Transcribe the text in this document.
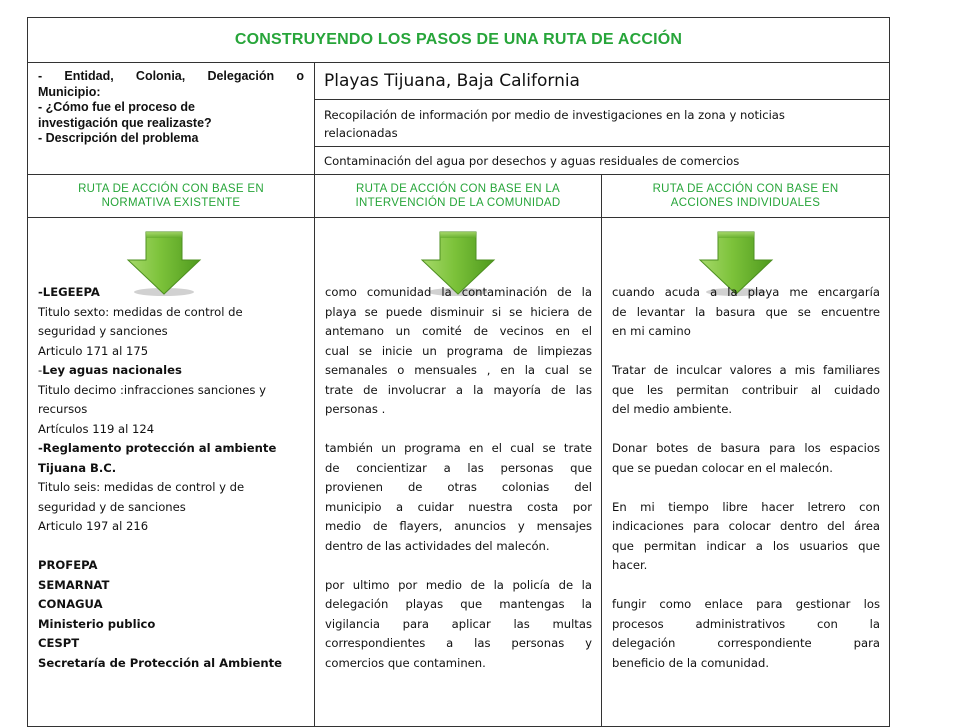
CONSTRUYENDO LOS PASOS DE UNA RUTA DE ACCIÓN
- Entidad, Colonia, Delegación o
Municipio:
- ¿Cómo fue el proceso de
investigación que realizaste?
- Descripción del problema
Playas Tijuana, Baja California
Recopilación de información por medio de investigaciones en la zona y noticias
relacionadas
Contaminación del agua por desechos y aguas residuales de comercios
RUTA DE ACCIÓN CON BASE EN
NORMATIVA EXISTENTE
RUTA DE ACCIÓN CON BASE EN LA
INTERVENCIÓN DE LA COMUNIDAD
RUTA DE ACCIÓN CON BASE EN
ACCIONES INDIVIDUALES
-LEGEEPA
Titulo sexto: medidas de control de
seguridad y sanciones
Articulo 171 al 175
-Ley aguas nacionales
Titulo decimo :infracciones sanciones y
recursos
Artículos 119 al 124
-Reglamento protección al ambiente
Tijuana B.C.
Titulo seis: medidas de control y de
seguridad y de sanciones
Articulo 197 al 216
PROFEPA
SEMARNAT
CONAGUA
Ministerio publico
CESPT
Secretaría de Protección al Ambiente
como comunidad la contaminación de la
playa se puede disminuir si se hiciera de
antemano un comité de vecinos en el
cual se inicie un programa de limpiezas
semanales o mensuales , en la cual se
trate de involucrar a la mayoría de las
personas .
también un programa en el cual se trate
de concientizar a las personas que
provienen de otras colonias del
municipio a cuidar nuestra costa por
medio de flayers, anuncios y mensajes
dentro de las actividades del malecón.
por ultimo por medio de la policía de la
delegación playas que mantengas la
vigilancia para aplicar las multas
correspondientes a las personas y
comercios que contaminen.
cuando acuda a la playa me encargaría
de levantar la basura que se encuentre
en mi camino
Tratar de inculcar valores a mis familiares
que les permitan contribuir al cuidado
del medio ambiente.
Donar botes de basura para los espacios
que se puedan colocar en el malecón.
En mi tiempo libre hacer letrero con
indicaciones para colocar dentro del área
que permitan indicar a los usuarios que
hacer.
fungir como enlace para gestionar los
procesos administrativos con la
delegación correspondiente para
beneficio de la comunidad.
